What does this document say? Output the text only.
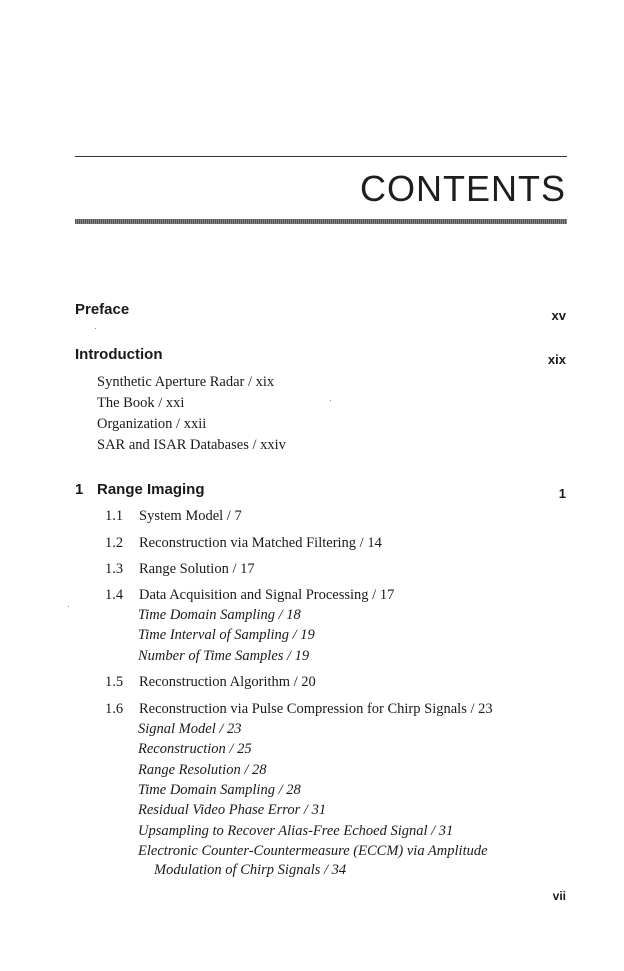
CONTENTS
Preface	xv
Introduction	xix
Synthetic Aperture Radar / xix
The Book / xxi
Organization / xxii
SAR and ISAR Databases / xxiv
1 Range Imaging	1
1.1 System Model / 7
1.2 Reconstruction via Matched Filtering / 14
1.3 Range Solution / 17
1.4 Data Acquisition and Signal Processing / 17
Time Domain Sampling / 18
Time Interval of Sampling / 19
Number of Time Samples / 19
1.5 Reconstruction Algorithm / 20
1.6 Reconstruction via Pulse Compression for Chirp Signals / 23
Signal Model / 23
Reconstruction / 25
Range Resolution / 28
Time Domain Sampling / 28
Residual Video Phase Error / 31
Upsampling to Recover Alias-Free Echoed Signal / 31
Electronic Counter-Countermeasure (ECCM) via Amplitude
Modulation of Chirp Signals / 34
vii
